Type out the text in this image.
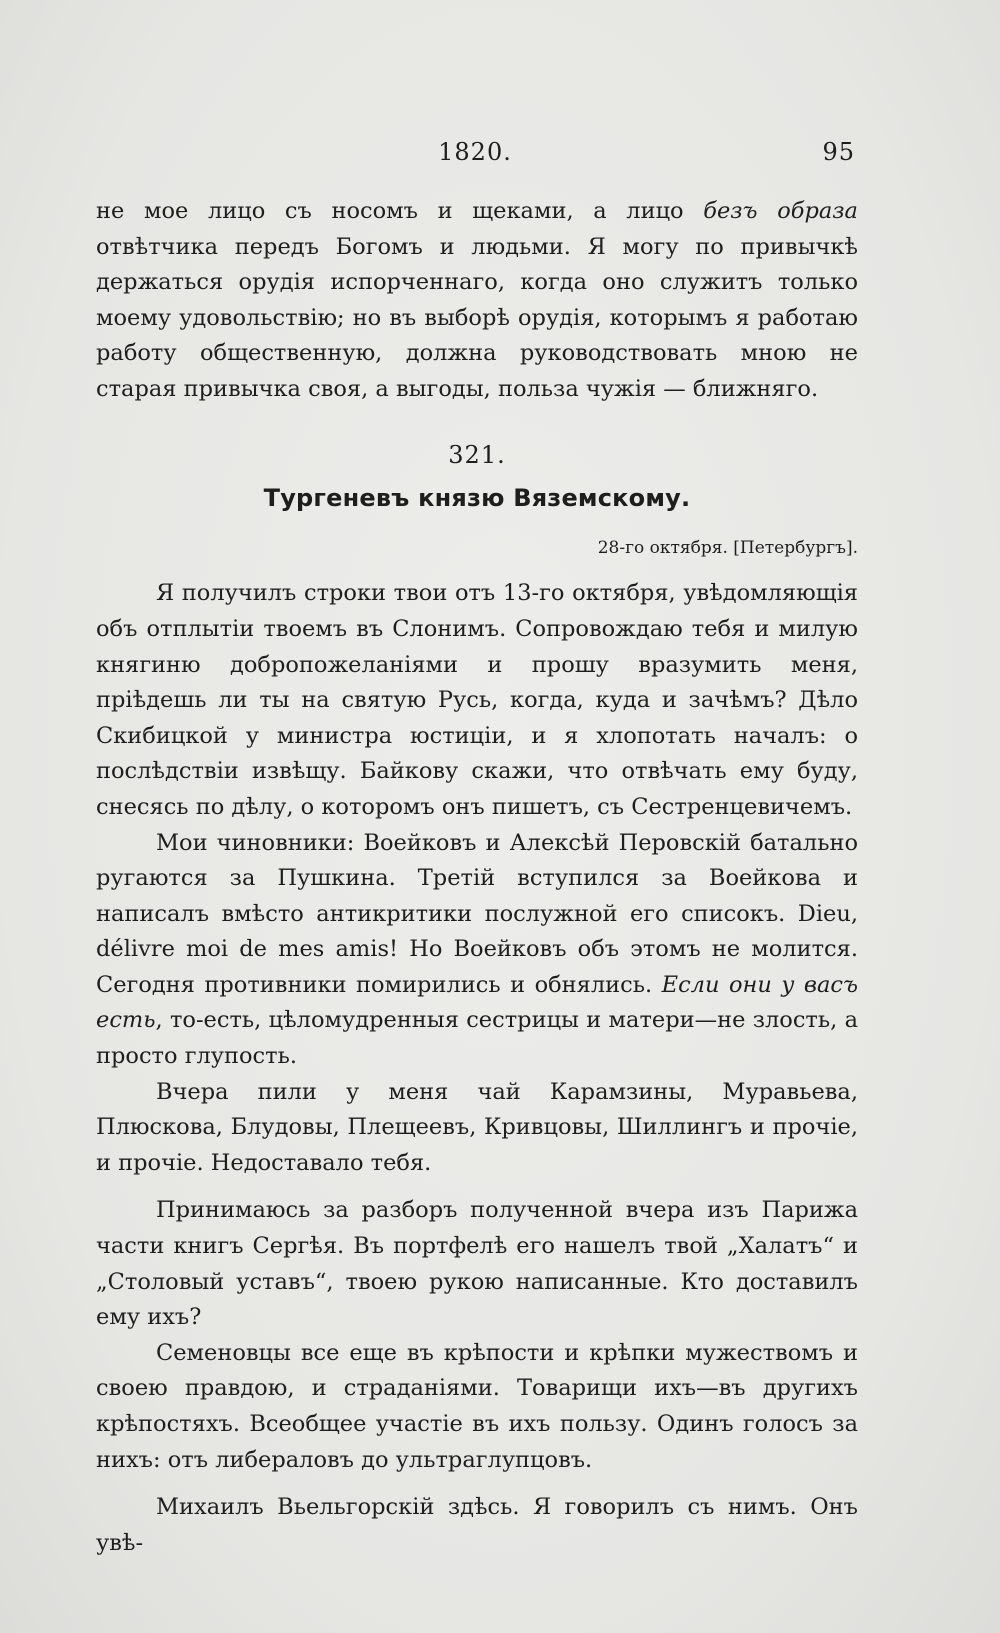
1820.	95

не мое лицо съ носомъ и щеками, а лицо безъ образа отвѣтчика передъ Богомъ и людьми. Я могу по привычкѣ держаться орудія испорченнаго, когда оно служитъ только моему удовольствію; но въ выборѣ орудія, которымъ я работаю работу общественную, должна руководствовать мною не старая привычка своя, а выгоды, польза чужія — ближняго.

321.

Тургеневъ князю Вяземскому.

28-го октября. [Петербургъ].

Я получилъ строки твои отъ 13-го октября, увѣдомляющія объ отплытіи твоемъ въ Слонимъ. Сопровождаю тебя и милую княгиню добропожеланіями и прошу вразумить меня, пріѣдешь ли ты на святую Русь, когда, куда и зачѣмъ? Дѣло Скибицкой у министра юстиціи, и я хлопотать началъ: о послѣдствіи извѣщу. Байкову скажи, что отвѣчать ему буду, снесясь по дѣлу, о которомъ онъ пишетъ, съ Сестренцевичемъ.

Мои чиновники: Воейковъ и Алексѣй Перовскій батально ругаются за Пушкина. Третій вступился за Воейкова и написалъ вмѣсто антикритики послужной его списокъ. Dieu, délivre moi de mes amis! Но Воейковъ объ этомъ не молится. Сегодня противники помирились и обнялись. Если они у васъ есть, то-есть, цѣломудренныя сестрицы и матери—не злость, а просто глупость.

Вчера пили у меня чай Карамзины, Муравьева, Плюскова, Блудовы, Плещеевъ, Кривцовы, Шиллингъ и прочіе, и прочіе. Недоставало тебя.

Принимаюсь за разборъ полученной вчера изъ Парижа части книгъ Сергѣя. Въ портфелѣ его нашелъ твой „Халатъ“ и „Столовый уставъ“, твоею рукою написанные. Кто доставилъ ему ихъ?

Семеновцы все еще въ крѣпости и крѣпки мужествомъ и своею правдою, и страданіями. Товарищи ихъ—въ другихъ крѣпостяхъ. Всеобщее участіе въ ихъ пользу. Одинъ голосъ за нихъ: отъ либераловъ до ультраглупцовъ.

Михаилъ Вьельгорскій здѣсь. Я говорилъ съ нимъ. Онъ увѣ-
